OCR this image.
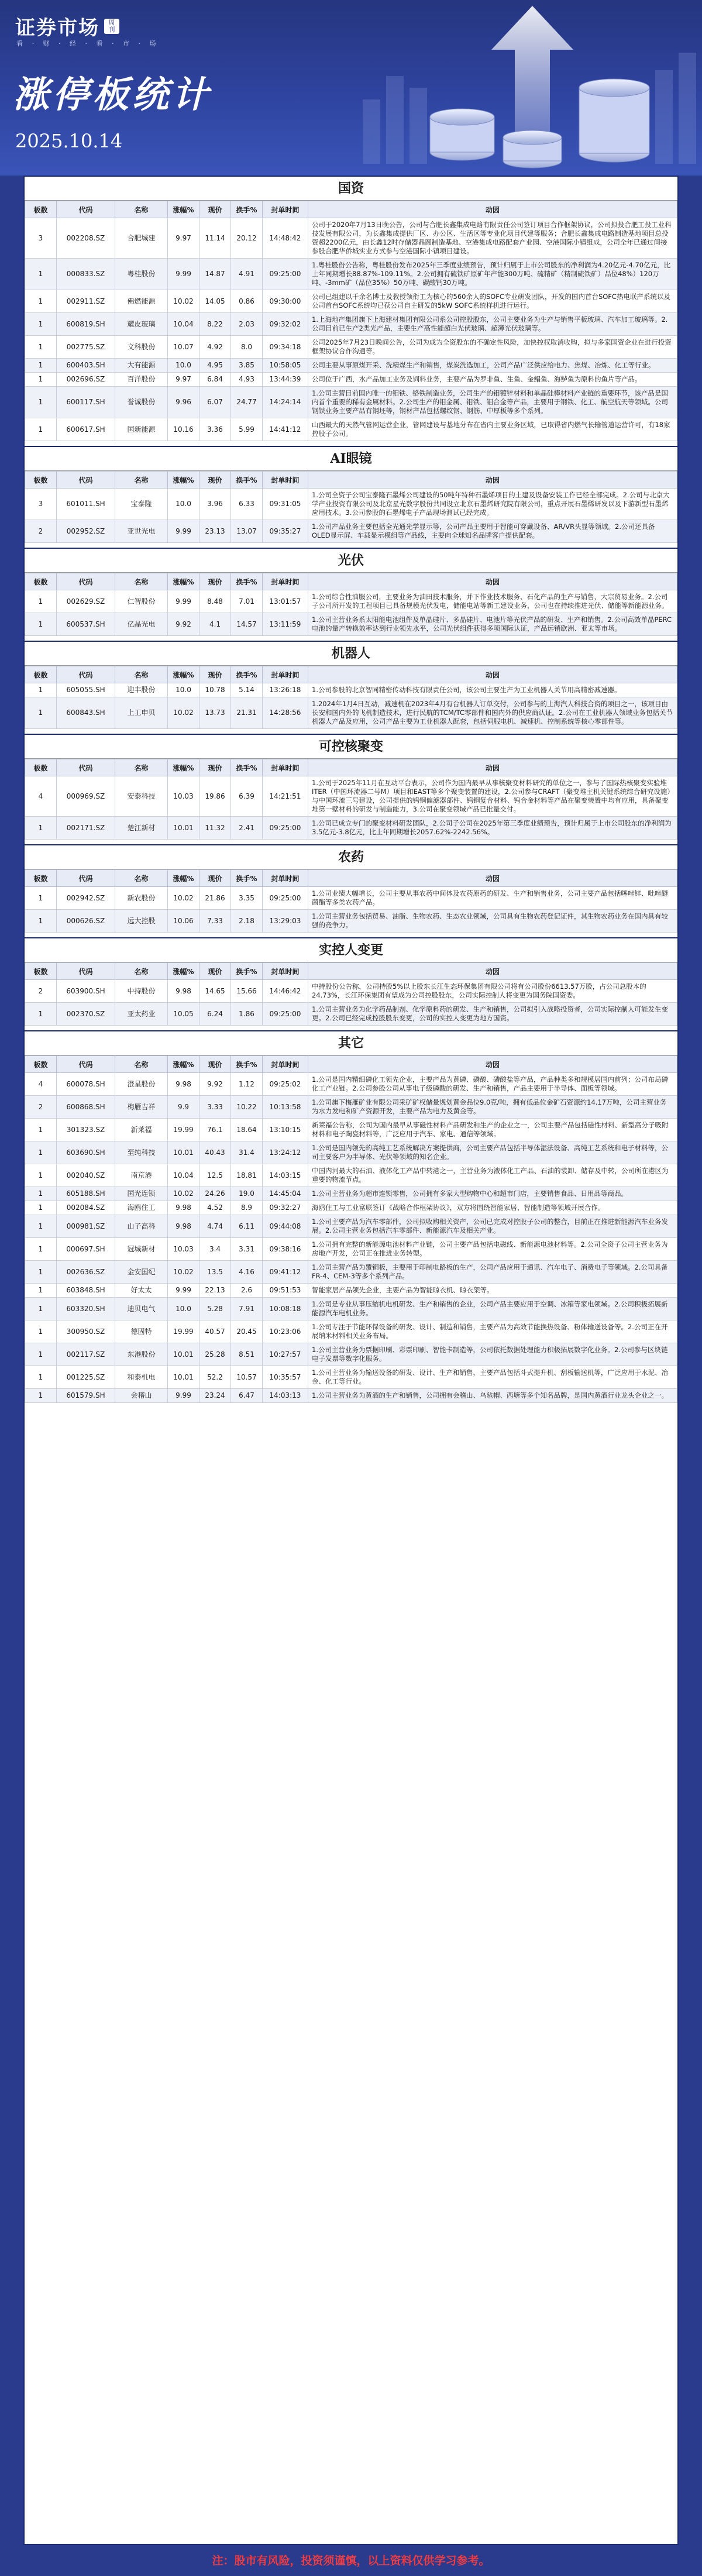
证券市场	周刊
看 · 财 · 经 · 看 · 市 · 场
涨停板统计
2025.10.14
国资
板数	代码	名称	涨幅%	现价	换手%	封单时间	动因
3	002208.SZ	合肥城建	9.97	11.14	20.12	14:48:42	公司于2020年7月13日晚公告，公司与合肥长鑫集成电路有限责任公司签订项目合作框架协议，公司拟投合肥工投工业科技发展有限公司，为长鑫集成提供厂区、办公区、生活区等专业化项目代建等服务；合肥长鑫集成电路制造基地项目总投资超2200亿元，由长鑫12吋存储器晶圆制造基地、空港集成电路配套产业园、空港国际小镇组成，公司全年已通过间接参股合肥华侨城实业方式参与空港国际小镇项目建设。
1	000833.SZ	粤桂股份	9.99	14.87	4.91	09:25:00	1.粤桂股份公告称，粤桂股份发布2025年三季度业绩预告，预计归属于上市公司股东的净利润为4.20亿元-4.70亿元，比上年同期增长88.87%-109.11%。2.公司拥有硫铁矿原矿年产能300万吨、硫精矿（精制硫铁矿）品位48%）120万吨、-3mm矿（品位35%）50万吨、碳酸钙30万吨。
1	002911.SZ	佛燃能源	10.02	14.05	0.86	09:30:00	公司已组建以千余名博士及教授领衔工为核心的560余人的SOFC专业研发团队，开发的国内首台SOFC热电联产系统以及公司首台SOFC系统均已获公司自主研发的5kW SOFC系统样机进行运行。
1	600819.SH	耀皮玻璃	10.04	8.22	2.03	09:32:02	1.上海地产集团旗下上海建材集团有限公司系公司控股股东，公司主要业务为生产与销售平板玻璃、汽车加工玻璃等。2.公司目前已生产2类光产品，主要生产高性能超白光伏玻璃、超薄光伏玻璃等。
1	002775.SZ	文科股份	10.07	4.92	8.0	09:34:18	公司2025年7月23日晚间公告，公司为成为全资股东的不确定性风险，加快控权取消收购，拟与多家国资企业在进行投资框架协议合作沟通等。
1	600403.SH	大有能源	10.0	4.95	3.85	10:58:05	公司主要从事原煤开采、洗精煤生产和销售，煤炭洗选加工，公司产品广泛供应给电力、焦煤、冶炼、化工等行业。
1	002696.SZ	百洋股份	9.97	6.84	4.93	13:44:39	公司位于广西，水产品加工业务及饲料业务，主要产品为罗非鱼、生鱼、金鲳鱼、海鲈鱼为原料的鱼片等产品。
1	600117.SH	誉诚股份	9.96	6.07	24.77	14:24:14	1.公司主营目前国内唯一的钼铁、铬铁制造业务，公司生产的钼镀锌材料和单晶硅棒材料产业链的重要环节，该产品是国内首个重要的稀有金属材料。2.公司生产的钼金属、钼铁、钼合金等产品，主要用于钢铁、化工、航空航天等领域。公司钢铁业务主要产品有钢坯等，钢材产品包括螺纹钢、钢筋、中厚板等多个系列。
1	600617.SH	国新能源	10.16	3.36	5.99	14:41:12	山西最大的天然气管网运营企业，管网建设与基地分布在省内主要业务区域，已取得省内燃气长输管道运营许可，有18家控股子公司。
AI眼镜
板数	代码	名称	涨幅%	现价	换手%	封单时间	动因
3	601011.SH	宝泰隆	10.0	3.96	6.33	09:31:05	1.公司全资子公司宝泰隆石墨烯公司建设的50吨年特种石墨烯项目的土建及设备安装工作已经全部完成。2.公司与北京大学产业投资有限公司及北京星光数字股份共同设立北京石墨烯研究院有限公司，重点开展石墨烯研发以及下游新型石墨烯应用技术。3.公司参股的石墨烯电子产品现场测试已经完成。
2	002952.SZ	亚世光电	9.99	23.13	13.07	09:35:27	1.公司产品业务主要包括全光通光学显示等，公司产品主要用于智能可穿戴设备、AR/VR头显等领域。2.公司还具备OLED显示屏、车载显示模组等产品线，主要向全球知名品牌客户提供配套。
光伏
板数	代码	名称	涨幅%	现价	换手%	封单时间	动因
1	002629.SZ	仁智股份	9.99	8.48	7.01	13:01:57	1.公司综合性油服公司，主要业务为油田技术服务，并下作业技术服务、石化产品的生产与销售，大宗贸易业务。2.公司子公司所开发的工程项目已具备规模光伏发电，储能电站等新工建设业务，公司也在持续推进光伏、储能等新能源业务。
1	600537.SH	亿晶光电	9.92	4.1	14.57	13:11:59	1.公司主营业务系太阳能电池组件及单晶硅片、多晶硅片、电池片等光伏产品的研发、生产和销售。2.公司高效单晶PERC电池的量产转换效率达到行业领先水平，公司光伏组件获得多项国际认证，产品远销欧洲、亚太等市场。
机器人
板数	代码	名称	涨幅%	现价	换手%	封单时间	动因
1	605055.SH	迎丰股份	10.0	10.78	5.14	13:26:18	1.公司参股的北京智同精密传动科技有限责任公司，该公司主要生产为工业机器人关节用高精密减速器。
1	600843.SH	上工申贝	10.02	13.73	21.31	14:28:56	1.2024年1月4日互动，减速机在2023年4月有台机器人订单交付，公司参与的上海汽人科技合资的项目之一，该项目由长安和国内外的飞机制造技术，进行民航的TCM/TC零部件和国内外的供应商认证。2.公司在工业机器人领域业务包括关节机器人产品及应用，公司产品主要为工业机器人配套，包括伺服电机、减速机、控制系统等核心零部件等。
可控核聚变
板数	代码	名称	涨幅%	现价	换手%	封单时间	动因
4	000969.SZ	安泰科技	10.03	19.86	6.39	14:21:51	1.公司于2025年11月在互动平台表示，公司作为国内最早从事核聚变材料研究的单位之一，参与了国际热核聚变实验堆ITER（中国环流器二号M）项目和EAST等多个聚变装置的建设，2.公司参与CRAFT（聚变堆主机关键系统综合研究设施）与中国环流三号建设，公司提供的钨铜偏滤器部件、钨铜复合材料、钨合金材料等产品在聚变装置中均有应用，具备聚变堆第一壁材料的研发与制造能力，3.公司在聚变领域产品已批量交付。
1	002171.SZ	楚江新材	10.01	11.32	2.41	09:25:00	1.公司已成立专门的聚变材料研发团队，2.公司子公司在2025年第三季度业绩预告，预计归属于上市公司股东的净利润为3.5亿元-3.8亿元，比上年同期增长2057.62%-2242.56%。
农药
板数	代码	名称	涨幅%	现价	换手%	封单时间	动因
1	002942.SZ	新农股份	10.02	21.86	3.35	09:25:00	1.公司业绩大幅增长，公司主要从事农药中间体及农药原药的研发、生产和销售业务，公司主要产品包括噻唑锌、吡唑醚菌酯等多类农药产品。
1	000626.SZ	远大控股	10.06	7.33	2.18	13:29:03	1.公司主营业务包括贸易、油脂、生物农药、生态农业领域，公司具有生物农药登记证件，其生物农药业务在国内具有较强的竞争力。
实控人变更
板数	代码	名称	涨幅%	现价	换手%	封单时间	动因
2	603900.SH	中持股份	9.98	14.65	15.66	14:46:42	中持股份公告称，公司持股5%以上股东长江生态环保集团有限公司将有公司股份6613.57万股，占公司总股本的24.73%，长江环保集团有望成为公司控股股东，公司实际控制人将变更为国务院国资委。
1	002370.SZ	亚太药业	10.05	6.24	1.86	09:25:00	1.公司主营业务为化学药品制剂、化学原料药的研发、生产和销售，公司拟引入战略投资者，公司实际控制人可能发生变更。2.公司已经完成控股股东变更，公司的实控人变更为地方国资。
其它
板数	代码	名称	涨幅%	现价	换手%	封单时间	动因
4	600078.SH	澄星股份	9.98	9.92	1.12	09:25:02	1.公司是国内精细磷化工领先企业，主要产品为黄磷、磷酸、磷酸盐等产品，产品种类多和规模居国内前列；公司布局磷化工产业链。2.公司参股公司从事电子级磷酸的研发、生产和销售，产品主要用于半导体、面板等领域。
2	600868.SH	梅雁吉祥	9.9	3.33	10.22	10:13:58	1.公司旗下梅雁矿业有限公司采矿矿权储量规划黄金品位9.0克/吨，拥有低品位金矿石资源约14.17万吨，公司主营业务为水力发电和矿产资源开发，主要产品为电力及黄金等。
1	301323.SZ	新莱福	19.99	76.1	18.64	13:10:15	新莱福公告称，公司为国内最早从事磁性材料产品研发和生产的企业之一，公司主要产品包括磁性材料、新型高分子吸附材料和电子陶瓷材料等，广泛应用于汽车、家电、通信等领域。
1	603690.SH	至纯科技	10.01	40.43	31.4	13:24:12	1.公司是国内领先的高纯工艺系统解决方案提供商，公司主要产品包括半导体湿法设备、高纯工艺系统和电子材料等，公司主要客户为半导体、光伏等领域的知名企业。
1	002040.SZ	南京港	10.04	12.5	18.81	14:03:15	中国内河最大的石油、液体化工产品中转港之一，主营业务为液体化工产品、石油的装卸、储存及中转，公司所在港区为重要的物流节点。
1	605188.SH	国光连锁	10.02	24.26	19.0	14:45:04	1.公司主营业务为超市连锁零售，公司拥有多家大型购物中心和超市门店，主要销售食品、日用品等商品。
1	002084.SZ	海鸥住工	9.98	4.52	8.9	09:32:27	海鸥住工与工业富联签订《战略合作框架协议》，双方将围绕智能家居、智能制造等领域开展合作。
1	000981.SZ	山子高科	9.98	4.74	6.11	09:44:08	1.公司主要产品为汽车零部件，公司拟收购相关资产，公司已完成对控股子公司的整合，目前正在推进新能源汽车业务发展。2.公司主营业务包括汽车零部件、新能源汽车及相关产业。
1	000697.SH	冠城新材	10.03	3.4	3.31	09:38:16	1.公司拥有完整的新能源电池材料产业链，公司主要产品包括电磁线、新能源电池材料等。2.公司全资子公司主营业务为房地产开发，公司正在推进业务转型。
1	002636.SZ	金安国纪	10.02	13.5	4.16	09:41:12	1.公司主营产品为覆铜板，主要用于印制电路板的生产，公司产品应用于通讯、汽车电子、消费电子等领域。2.公司具备FR-4、CEM-3等多个系列产品。
1	603848.SH	好太太	9.99	22.13	2.6	09:51:53	智能家居产品领先企业，主要产品为智能晾衣机、晾衣架等。
1	603320.SH	迪贝电气	10.0	5.28	7.91	10:08:18	1.公司是专业从事压缩机电机研发、生产和销售的企业，公司产品主要应用于空调、冰箱等家电领域。2.公司积极拓展新能源汽车电机业务。
1	300950.SZ	德固特	19.99	40.57	20.45	10:23:06	1.公司专注于节能环保设备的研发、设计、制造和销售，主要产品为高效节能换热设备、粉体输送设备等。2.公司正在开展纳米材料相关业务布局。
1	002117.SZ	东港股份	10.01	25.28	8.51	10:27:57	1.公司主营业务为票据印刷、彩票印刷、智能卡制造等，公司依托数据处理能力积极拓展数字化业务。2.公司参与区块链电子发票等数字化服务。
1	001225.SZ	和泰机电	10.01	52.2	10.57	10:35:57	1.公司主营业务为输送设备的研发、设计、生产和销售，主要产品包括斗式提升机、刮板输送机等，广泛应用于水泥、冶金、化工等行业。
1	601579.SH	会稽山	9.99	23.24	6.47	14:03:13	1.公司主营业务为黄酒的生产和销售，公司拥有会稽山、乌毡帽、西塘等多个知名品牌，是国内黄酒行业龙头企业之一。
注：股市有风险，投资须谨慎，以上资料仅供学习参考。
